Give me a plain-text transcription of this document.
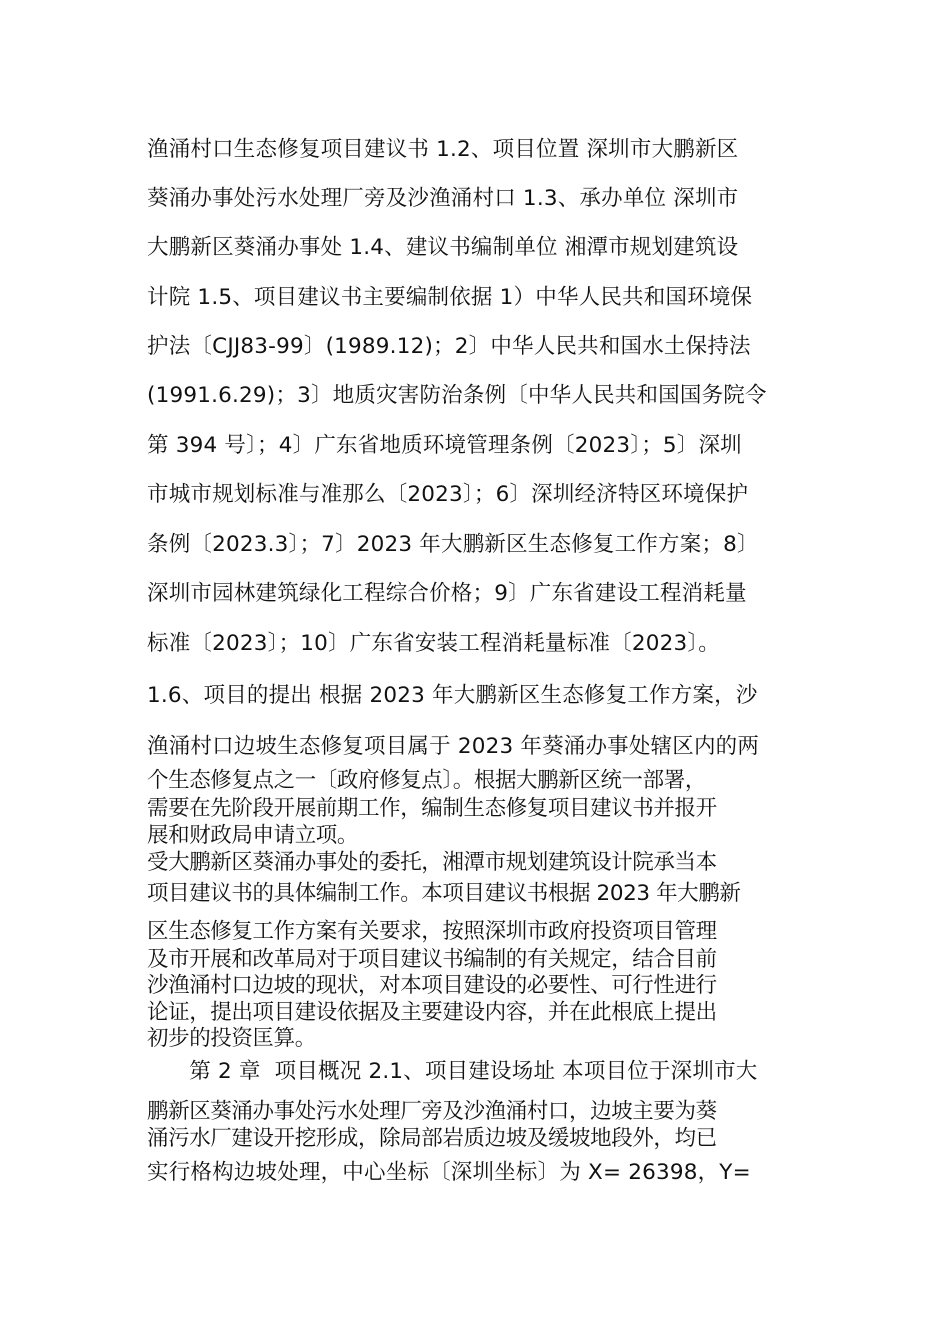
渔涌村口生态修复项目建议书 1.2、项目位置 深圳市大鹏新区
葵涌办事处污水处理厂旁及沙渔涌村口 1.3、承办单位 深圳市
大鹏新区葵涌办事处 1.4、建议书编制单位 湘潭市规划建筑设
计院 1.5、项目建议书主要编制依据 1）中华人民共和国环境保
护法〔CJJ83-99〕(1989.12)；2〕中华人民共和国水土保持法
(1991.6.29)；3〕地质灾害防治条例〔中华人民共和国国务院令
第 394 号〕；4〕广东省地质环境管理条例〔2023〕；5〕深圳
市城市规划标准与准那么〔2023〕；6〕深圳经济特区环境保护
条例〔2023.3〕；7〕2023 年大鹏新区生态修复工作方案；8〕
深圳市园林建筑绿化工程综合价格；9〕广东省建设工程消耗量
标准〔2023〕；10〕广东省安装工程消耗量标准〔2023〕。
1.6、项目的提出 根据 2023 年大鹏新区生态修复工作方案，沙
渔涌村口边坡生态修复项目属于 2023 年葵涌办事处辖区内的两
个生态修复点之一〔政府修复点〕。根据大鹏新区统一部署，
需要在先阶段开展前期工作，编制生态修复项目建议书并报开
展和财政局申请立项。
受大鹏新区葵涌办事处的委托，湘潭市规划建筑设计院承当本
项目建议书的具体编制工作。本项目建议书根据 2023 年大鹏新
区生态修复工作方案有关要求，按照深圳市政府投资项目管理
及市开展和改革局对于项目建议书编制的有关规定，结合目前
沙渔涌村口边坡的现状，对本项目建设的必要性、可行性进行
论证，提出项目建设依据及主要建设内容，并在此根底上提出
初步的投资匡算。
第 2 章  项目概况 2.1、项目建设场址 本项目位于深圳市大
鹏新区葵涌办事处污水处理厂旁及沙渔涌村口，边坡主要为葵
涌污水厂建设开挖形成，除局部岩质边坡及缓坡地段外，均已
实行格构边坡处理，中心坐标〔深圳坐标〕为 X= 26398，Y=
